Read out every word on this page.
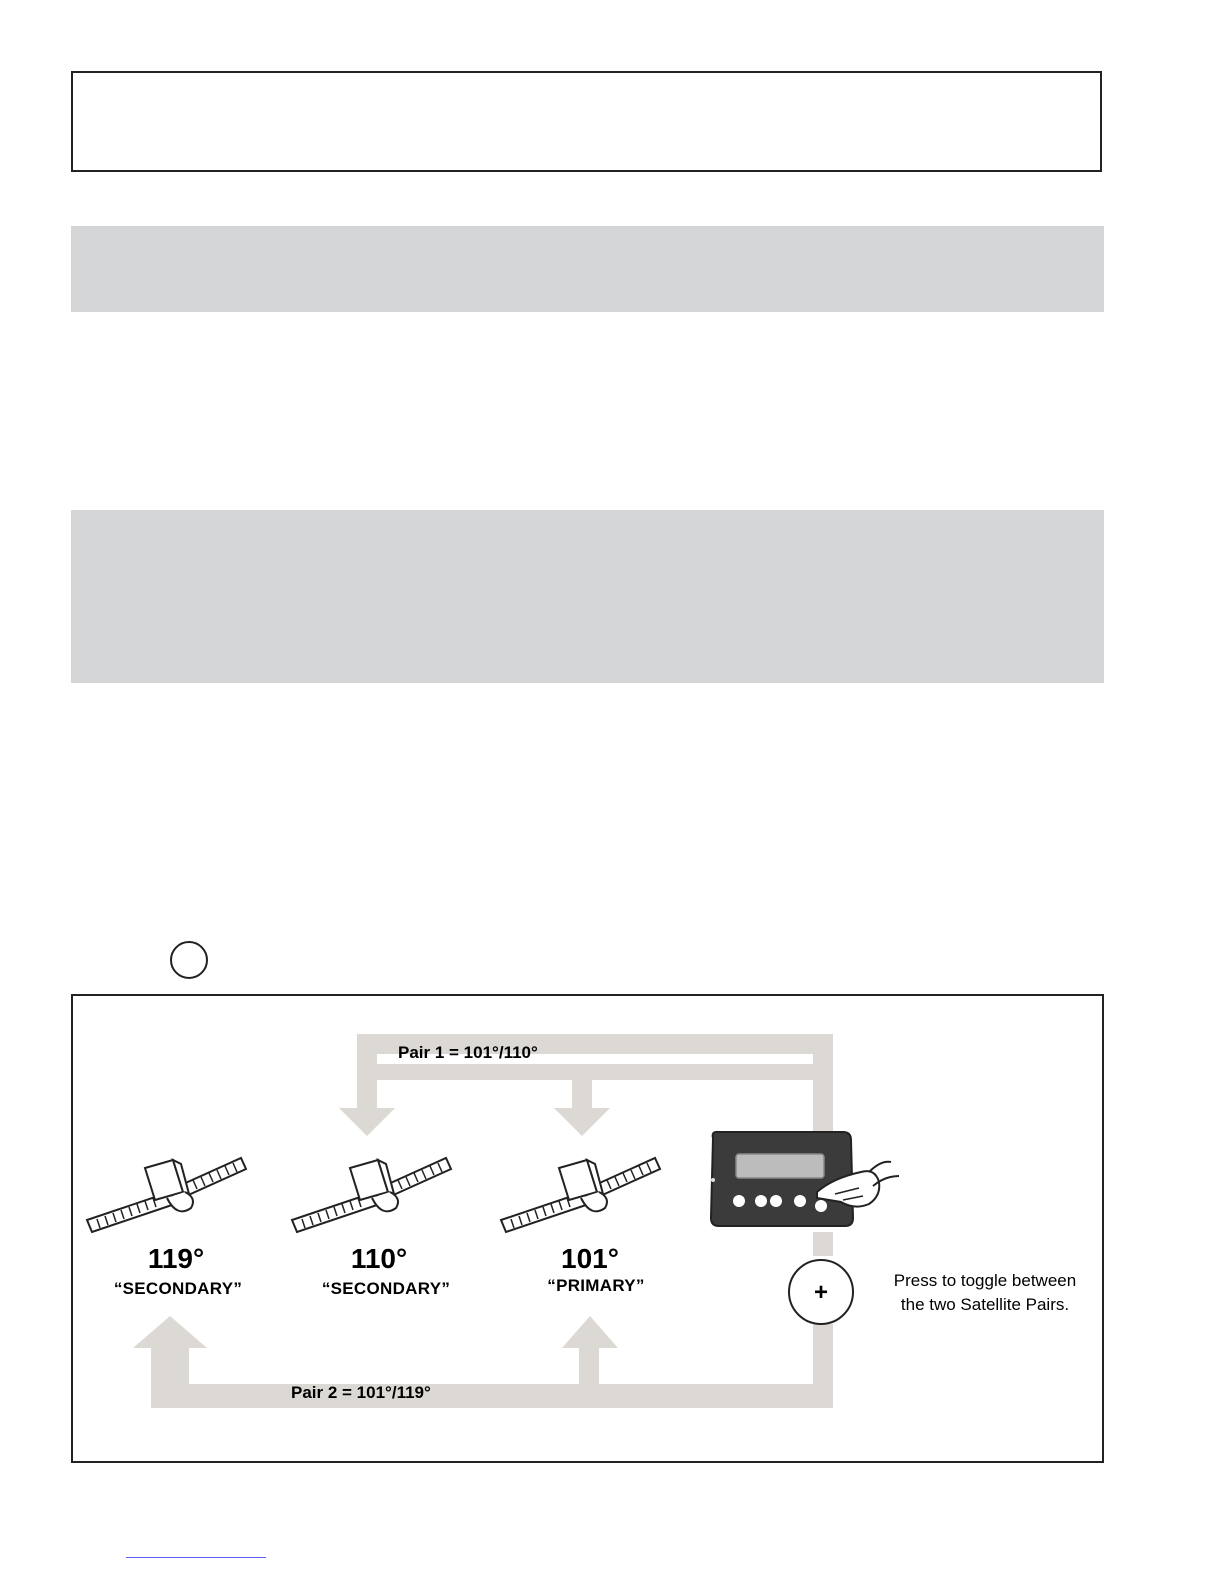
Pair 1 = 101°/110°
Pair 2 = 101°/119°
119°
“SECONDARY”
110°
“SECONDARY”
101°
“PRIMARY”	+	Press to toggle between
the two Satellite Pairs.
